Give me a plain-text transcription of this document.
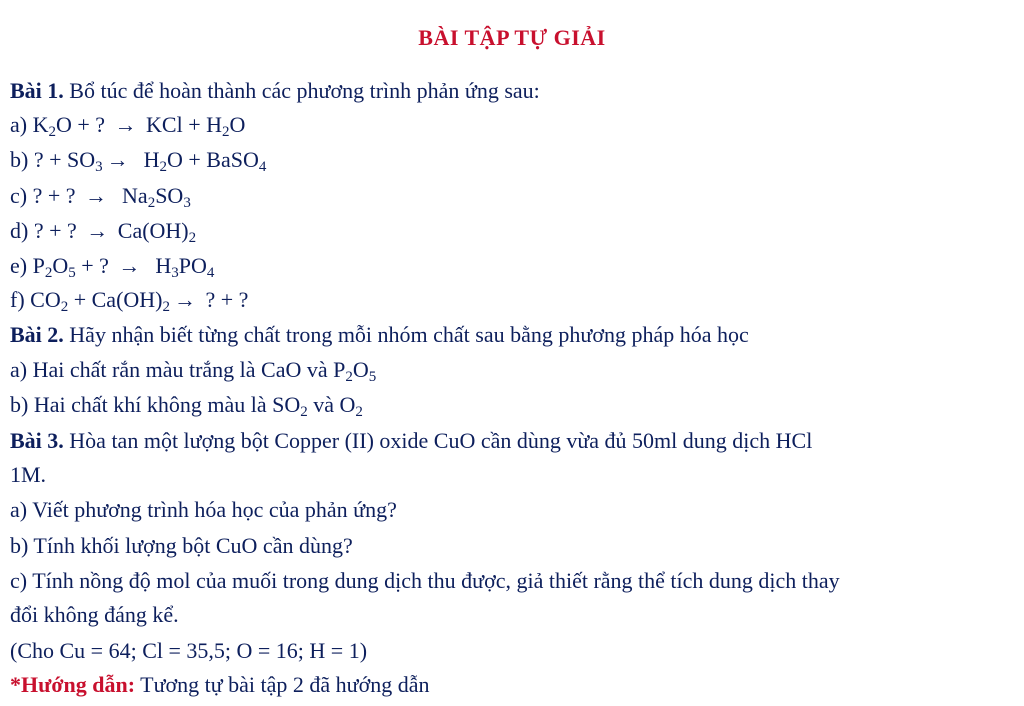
BÀI TẬP TỰ GIẢI
Bài 1. Bổ túc để hoàn thành các phương trình phản ứng sau:
a) $K_2O$ + ? → KCl + $H_2O$
b) ? + $SO_3 \to H_2O$ + BaSO$_4$
c) ? + ? →  $Na_2SO_3$
d) ? + ? → $Ca(OH)_2$
e) $P_2O_5$ + ? →  $H_3PO_4$
f) $CO_2 + Ca(OH)_2$ → ? + ?
Bài 2. Hãy nhận biết từng chất trong mỗi nhóm chất sau bằng phương pháp hóa học
a) Hai chất rắn màu trắng là CaO và $P_2O_5$
b) Hai chất khí không màu là $SO_2$ và $O_2$
Bài 3. Hòa tan một lượng bột Copper (II) oxide CuO cần dùng vừa đủ 50ml dung dịch HCl
1M.
a) Viết phương trình hóa học của phản ứng?
b) Tính khối lượng bột CuO cần dùng?
c) Tính nồng độ mol của muối trong dung dịch thu được, giả thiết rằng thể tích dung dịch thay
đổi không đáng kể.
(Cho Cu = 64; Cl = 35,5; O = 16; H = 1)
*Hướng dẫn: Tương tự bài tập 2 đã hướng dẫn
